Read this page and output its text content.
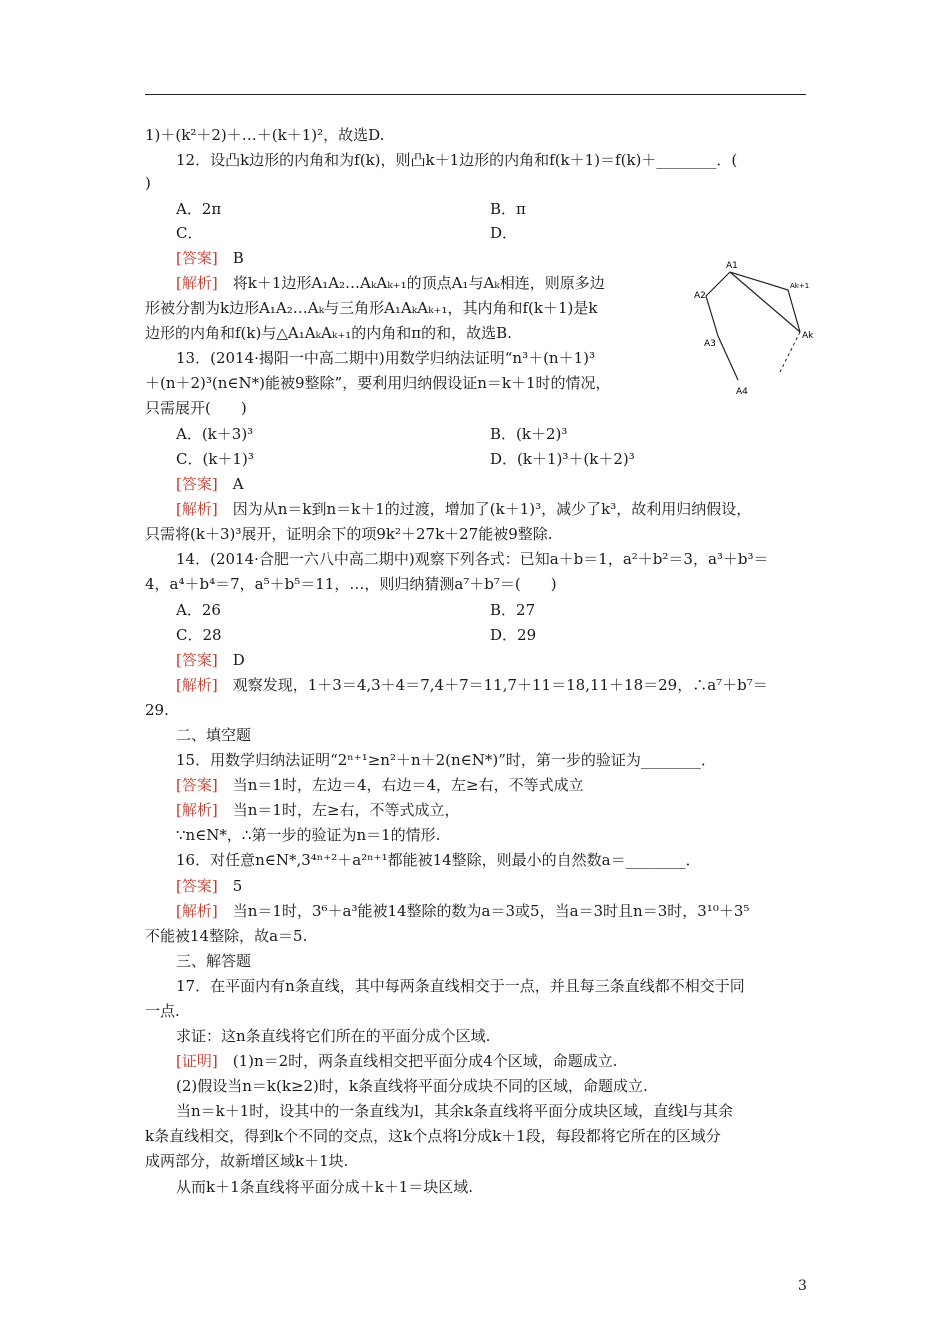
1)＋(k²＋2)＋…＋(k＋1)²，故选D.
12．设凸k边形的内角和为f(k)，则凸k＋1边形的内角和f(k＋1)＝f(k)＋________．(
)
A．2π	B．π
C．	D．
[答案]　 B
[解析]　 将k＋1边形A₁A₂…AₖAₖ₊₁的顶点A₁与Aₖ相连，则原多边
形被分割为k边形A₁A₂…Aₖ与三角形A₁AₖAₖ₊₁，其内角和f(k＋1)是k
边形的内角和f(k)与△A₁AₖAₖ₊₁的内角和π的和，故选B.
13．(2014·揭阳一中高二期中)用数学归纳法证明“n³＋(n＋1)³
＋(n＋2)³(n∈N*)能被9整除”，要利用归纳假设证n＝k＋1时的情况，
只需展开(　　)
A．(k＋3)³	B．(k＋2)³
C．(k＋1)³	D．(k＋1)³＋(k＋2)³
[答案]　 A
[解析]　 因为从n＝k到n＝k＋1的过渡，增加了(k＋1)³，减少了k³，故利用归纳假设，
只需将(k＋3)³展开，证明余下的项9k²＋27k＋27能被9整除.
14．(2014·合肥一六八中高二期中)观察下列各式：已知a＋b＝1，a²＋b²＝3，a³＋b³＝
4，a⁴＋b⁴＝7，a⁵＋b⁵＝11，…，则归纳猜测a⁷＋b⁷＝(　　)
A．26	B．27
C．28	D．29
[答案]　 D
[解析]　 观察发现，1＋3＝4,3＋4＝7,4＋7＝11,7＋11＝18,11＋18＝29，∴a⁷＋b⁷＝
29.
二、填空题
15．用数学归纳法证明“2ⁿ⁺¹≥n²＋n＋2(n∈N*)”时，第一步的验证为________．
[答案]　 当n＝1时，左边＝4，右边＝4，左≥右，不等式成立
[解析]　 当n＝1时，左≥右，不等式成立，
∵n∈N*，∴第一步的验证为n＝1的情形.
16．对任意n∈N*,3⁴ⁿ⁺²＋a²ⁿ⁺¹都能被14整除，则最小的自然数a＝________．
[答案]　 5
[解析]　 当n＝1时，3⁶＋a³能被14整除的数为a＝3或5，当a＝3时且n＝3时，3¹⁰＋3⁵
不能被14整除，故a＝5.
三、解答题
17．在平面内有n条直线，其中每两条直线相交于一点，并且每三条直线都不相交于同
一点.
求证：这n条直线将它们所在的平面分成个区域.
[证明]　 (1)n＝2时，两条直线相交把平面分成4个区域，命题成立.
(2)假设当n＝k(k≥2)时，k条直线将平面分成块不同的区域，命题成立.
当n＝k＋1时，设其中的一条直线为l，其余k条直线将平面分成块区域，直线l与其余
k条直线相交，得到k个不同的交点，这k个点将l分成k＋1段，每段都将它所在的区域分
成两部分，故新增区域k＋1块.
从而k＋1条直线将平面分成＋k＋1＝块区域.
A1
Ak+1
A2
Ak
A3
A4
3
